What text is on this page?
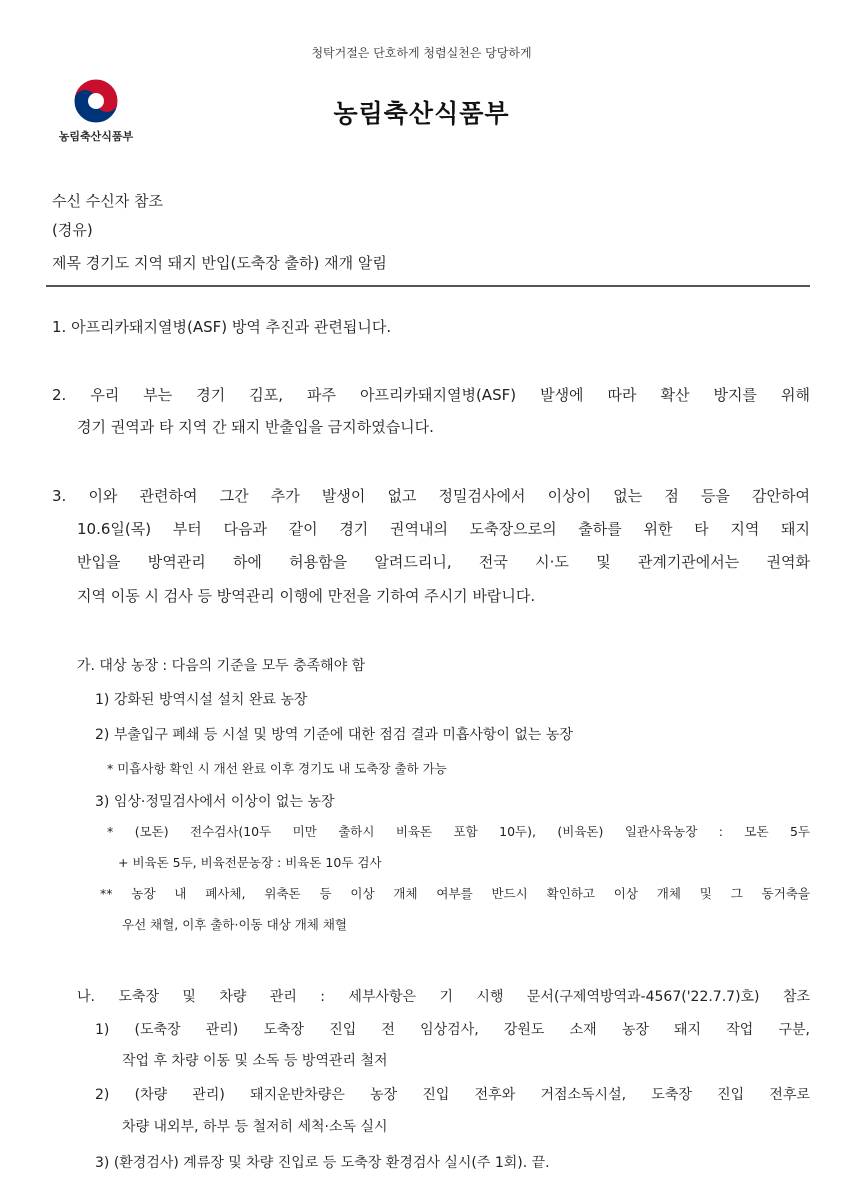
청탁거절은 단호하게 청렴실천은 당당하게
농림축산식품부
농림축산식품부
수신 수신자 참조
(경유)
제목 경기도 지역 돼지 반입(도축장 출하) 재개 알림
1. 아프리카돼지열병(ASF) 방역 추진과 관련됩니다.
2. 우리 부는 경기 김포, 파주 아프리카돼지열병(ASF) 발생에 따라 확산 방지를 위해
경기 권역과 타 지역 간 돼지 반출입을 금지하였습니다.
3. 이와 관련하여 그간 추가 발생이 없고 정밀검사에서 이상이 없는 점 등을 감안하여
10.6일(목) 부터 다음과 같이 경기 권역내의 도축장으로의 출하를 위한 타 지역 돼지
반입을 방역관리 하에 허용함을 알려드리니, 전국 시·도 및 관계기관에서는 권역화
지역 이동 시 검사 등 방역관리 이행에 만전을 기하여 주시기 바랍니다.
가. 대상 농장 : 다음의 기준을 모두 충족해야 함
1) 강화된 방역시설 설치 완료 농장
2) 부출입구 폐쇄 등 시설 및 방역 기준에 대한 점검 결과 미흡사항이 없는 농장
* 미흡사항 확인 시 개선 완료 이후 경기도 내 도축장 출하 가능
3) 임상·정밀검사에서 이상이 없는 농장
* (모돈) 전수검사(10두 미만 출하시 비육돈 포함 10두), (비육돈) 일관사육농장 : 모돈 5두
+ 비육돈 5두, 비육전문농장 : 비육돈 10두 검사
** 농장 내 폐사체, 위축돈 등 이상 개체 여부를 반드시 확인하고 이상 개체 및 그 동거축을
우선 채혈, 이후 출하·이동 대상 개체 채혈
나. 도축장 및 차량 관리 : 세부사항은 기 시행 문서(구제역방역과-4567('22.7.7)호) 참조
1) (도축장 관리) 도축장 진입 전 임상검사, 강원도 소재 농장 돼지 작업 구분,
작업 후 차량 이동 및 소독 등 방역관리 철저
2) (차량 관리) 돼지운반차량은 농장 진입 전후와 거점소독시설, 도축장 진입 전후로
차량 내외부, 하부 등 철저히 세척·소독 실시
3) (환경검사) 계류장 및 차량 진입로 등 도축장 환경검사 실시(주 1회). 끝.
